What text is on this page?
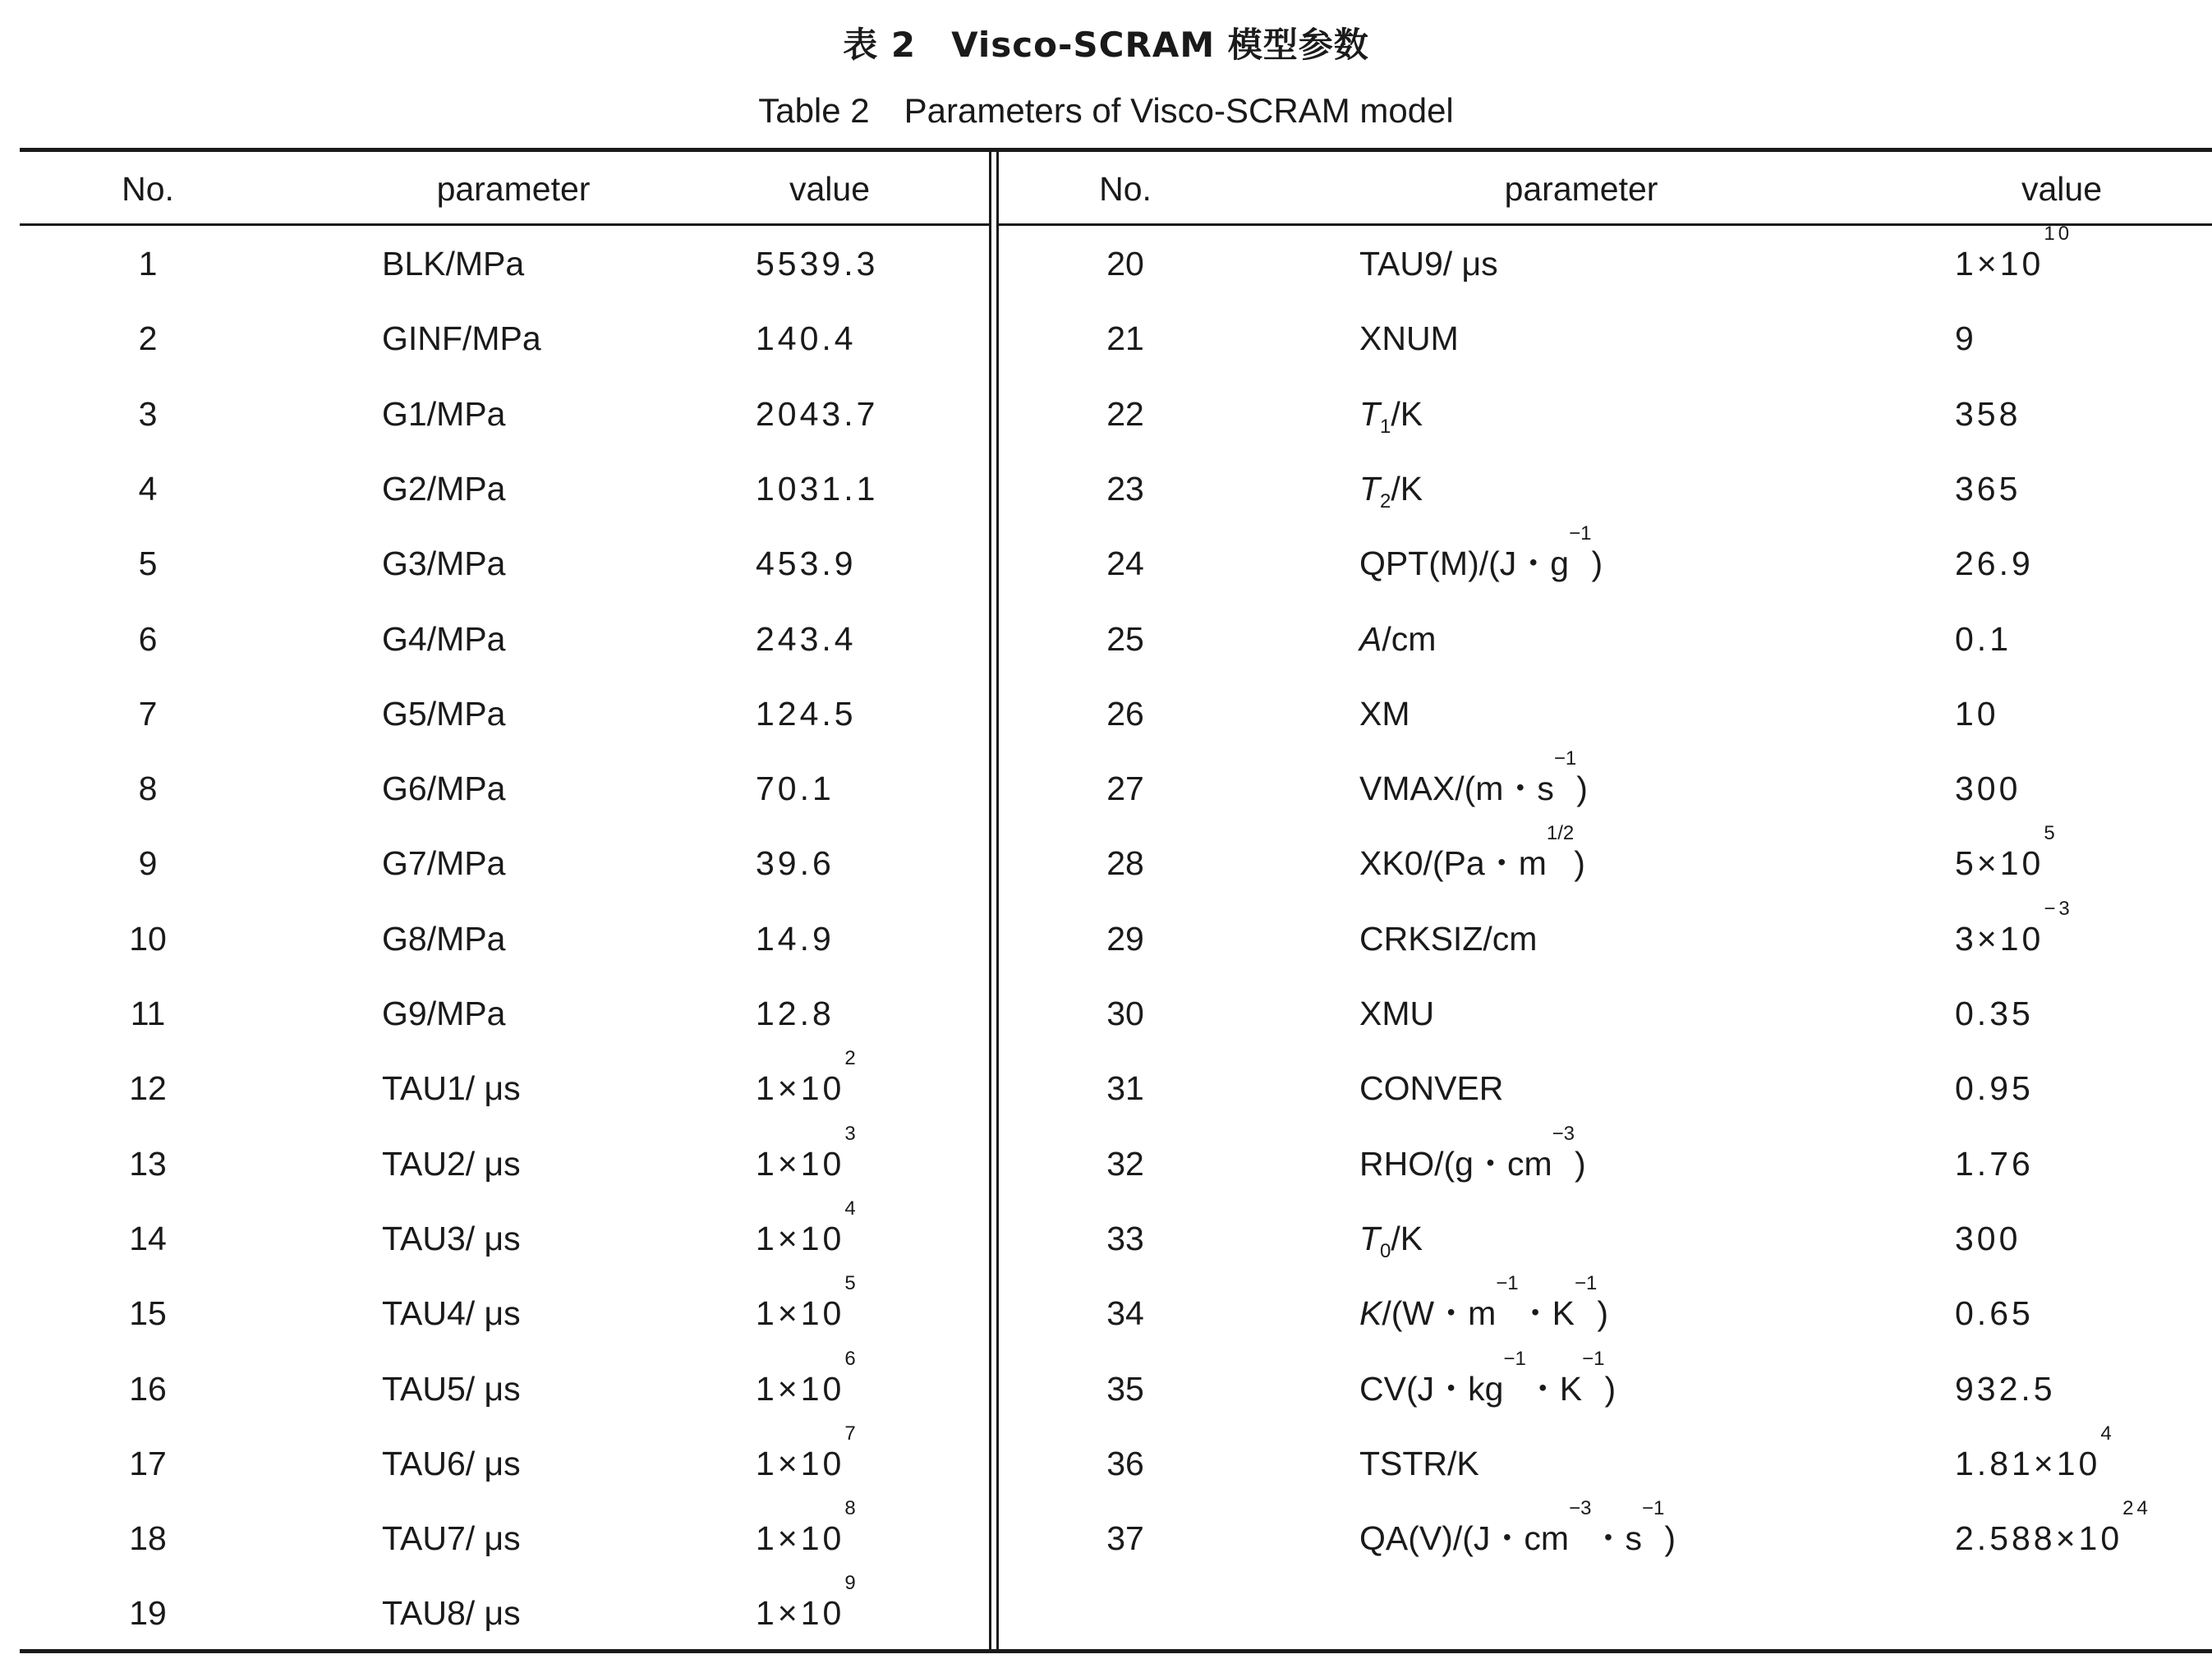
表 2　Visco-SCRAM 模型参数
Table 2　Parameters of Visco-SCRAM model
No.	parameter	value	No.	parameter	value
1	BLK/MPa	5539.3
2	GINF/MPa	140.4
3	G1/MPa	2043.7
4	G2/MPa	1031.1
5	G3/MPa	453.9
6	G4/MPa	243.4
7	G5/MPa	124.5
8	G6/MPa	70.1
9	G7/MPa	39.6
10	G8/MPa	14.9
11	G9/MPa	12.8
12	TAU1/ μs	$1\times 10^2$
13	TAU2/ μs	$1\times 10^3$
14	TAU3/ μs	$1\times 10^4$
15	TAU4/ μs	$1\times 10^5$
16	TAU5/ μs	$1\times 10^6$
17	TAU6/ μs	$1\times 10^7$
18	TAU7/ μs	$1\times 10^8$
19	TAU8/ μs	$1\times 10^9$
20	TAU9/ μs	$1\times 10^{10}$
21	XNUM	9
22	$T_1/K$	358
23	$T_2/K$	365
24	QPT(M)/(J・$g^{-1}$)	26.9
25	A/cm	0.1
26	XM	10
27	VMAX/(m・$s^{-1}$)	300
28	XK0/(Pa・$m^{1/2}$)	$5\times 10^5$
29	CRKSIZ/cm	$3\times 10^{-3}$
30	XMU	0.35
31	CONVER	0.95
32	RHO/(g・$cm^{-3}$)	1.76
33	$T_0/K$	300
34	K/(W・$m^{-1}$・$K^{-1}$)	0.65
35	CV(J・$kg^{-1}$・$K^{-1}$)	932.5
36	TSTR/K	$1.81\times 10^4$
37	QA(V)/(J・$cm^{-3}$・$s^{-1}$)	$2.588\times 10^{24}$
